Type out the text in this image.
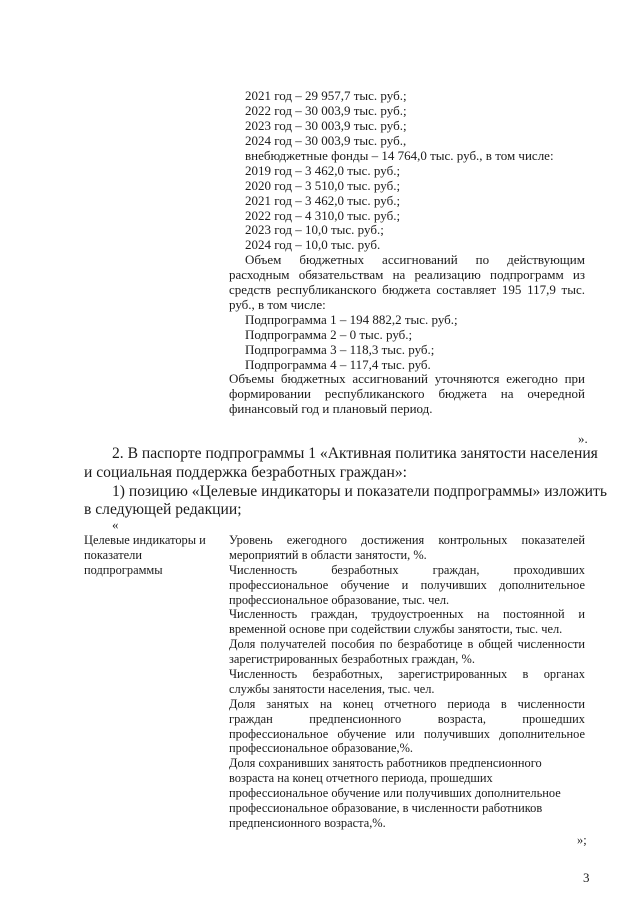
2021 год – 29 957,7 тыс. руб.;
2022 год – 30 003,9 тыс. руб.;
2023 год – 30 003,9 тыс. руб.;
2024 год – 30 003,9 тыс. руб.,
внебюджетные фонды – 14 764,0 тыс. руб., в том числе:
2019 год – 3 462,0 тыс. руб.;
2020 год – 3 510,0 тыс. руб.;
2021 год – 3 462,0 тыс. руб.;
2022 год – 4 310,0 тыс. руб.;
2023 год – 10,0 тыс. руб.;
2024 год – 10,0 тыс. руб.
Объем бюджетных ассигнований по действующим
расходным обязательствам на реализацию подпрограмм из
средств республиканского бюджета составляет 195 117,9 тыс.
руб., в том числе:
Подпрограмма 1 – 194 882,2 тыс. руб.;
Подпрограмма 2 – 0 тыс. руб.;
Подпрограмма 3 – 118,3 тыс. руб.;
Подпрограмма 4 – 117,4 тыс. руб.
Объемы бюджетных ассигнований уточняются ежегодно при
формировании республиканского бюджета на очередной
финансовый год и плановый период.
».
2. В паспорте подпрограммы 1 «Активная политика занятости населения
и социальная поддержка безработных граждан»:
1) позицию «Целевые индикаторы и показатели подпрограммы» изложить
в следующей редакции;
«
Целевые индикаторы и
показатели
подпрограммы
Уровень ежегодного достижения контрольных показателей
мероприятий в области занятости, %.
Численность безработных граждан, проходивших
профессиональное обучение и получивших дополнительное
профессиональное образование, тыс. чел.
Численность граждан, трудоустроенных на постоянной и
временной основе при содействии службы занятости, тыс. чел.
Доля получателей пособия по безработице в общей численности
зарегистрированных безработных граждан, %.
Численность безработных, зарегистрированных в органах
службы занятости населения, тыс. чел.
Доля занятых на конец отчетного периода в численности
граждан предпенсионного возраста, прошедших
профессиональное обучение или получивших дополнительное
профессиональное образование,%.
Доля сохранивших занятость работников предпенсионного
возраста на конец отчетного периода, прошедших
профессиональное обучение или получивших дополнительное
профессиональное образование, в численности работников
предпенсионного возраста,%.
»;
3
